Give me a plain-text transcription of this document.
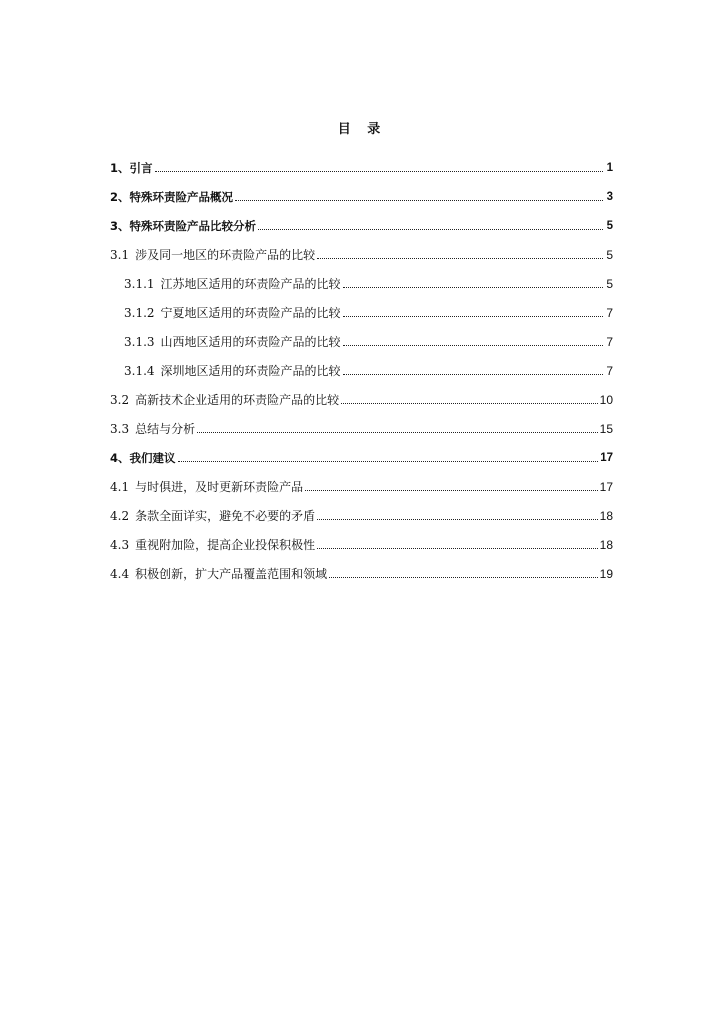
目 录
1、 引言	1
2、 特殊环责险产品概况	3
3、 特殊环责险产品比较分析	5
3.1 涉及同一地区的环责险产品的比较	5
3.1.1 江苏地区适用的环责险产品的比较	5
3.1.2 宁夏地区适用的环责险产品的比较	7
3.1.3 山西地区适用的环责险产品的比较	7
3.1.4 深圳地区适用的环责险产品的比较	7
3.2 高新技术企业适用的环责险产品的比较	10
3.3 总结与分析	15
4、 我们建议	17
4.1 与时俱进，及时更新环责险产品	17
4.2 条款全面详实，避免不必要的矛盾	18
4.3 重视附加险，提高企业投保积极性	18
4.4 积极创新，扩大产品覆盖范围和领域	19
